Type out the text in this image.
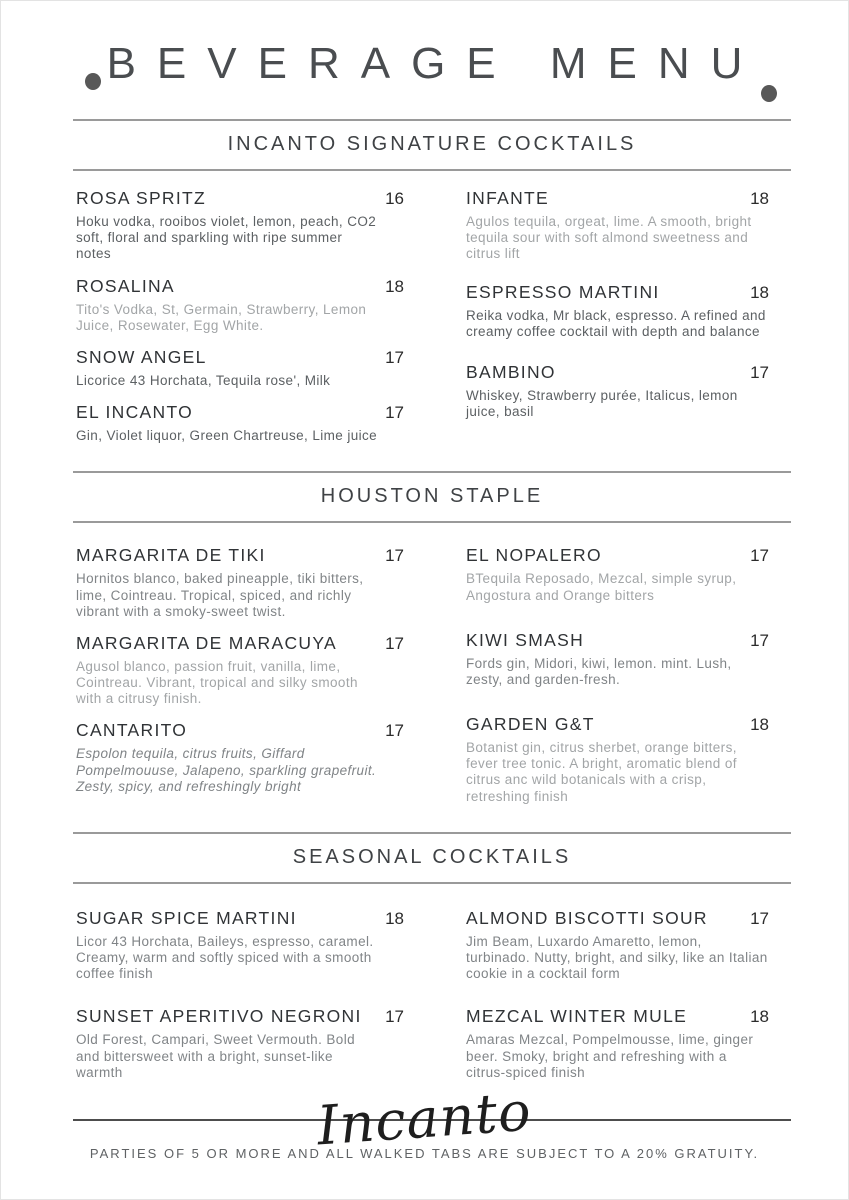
BEVERAGE MENU
INCANTO SIGNATURE COCKTAILS
ROSA SPRITZ	16
Hoku vodka, rooibos violet, lemon, peach, CO2 soft, floral and sparkling with ripe summer notes
ROSALINA	18
Tito's Vodka, St, Germain, Strawberry, Lemon Juice, Rosewater, Egg White.
SNOW ANGEL	17
Licorice 43 Horchata, Tequila rose', Milk
EL INCANTO	17
Gin, Violet liquor, Green Chartreuse, Lime juice
INFANTE	18
Agulos tequila, orgeat, lime. A smooth, bright tequila sour with soft almond sweetness and citrus lift
ESPRESSO MARTINI	18
Reika vodka, Mr black, espresso. A refined and creamy coffee cocktail with depth and balance
BAMBINO	17
Whiskey, Strawberry purée, Italicus, lemon juice, basil
HOUSTON STAPLE
MARGARITA DE TIKI	17
Hornitos blanco, baked pineapple, tiki bitters, lime, Cointreau. Tropical, spiced, and richly vibrant with a smoky-sweet twist.
MARGARITA DE MARACUYA	17
Agusol blanco, passion fruit, vanilla, lime, Cointreau. Vibrant, tropical and silky smooth with a citrusy finish.
CANTARITO	17
Espolon tequila, citrus fruits, Giffard Pompelmouuse, Jalapeno, sparkling grapefruit. Zesty, spicy, and refreshingly bright
EL NOPALERO	17
BTequila Reposado, Mezcal, simple syrup, Angostura and Orange bitters
KIWI SMASH	17
Fords gin, Midori, kiwi, lemon. mint. Lush, zesty, and garden-fresh.
GARDEN G&T	18
Botanist gin, citrus sherbet, orange bitters, fever tree tonic. A bright, aromatic blend of citrus anc wild botanicals with a crisp, retreshing finish
SEASONAL COCKTAILS
SUGAR SPICE MARTINI	18
Licor 43 Horchata, Baileys, espresso, caramel. Creamy, warm and softly spiced with a smooth coffee finish
SUNSET APERITIVO NEGRONI 17
Old Forest, Campari, Sweet Vermouth. Bold and bittersweet with a bright, sunset-like warmth
ALMOND BISCOTTI SOUR 17
Jim Beam, Luxardo Amaretto, lemon, turbinado. Nutty, bright, and silky, like an Italian cookie in a cocktail form
MEZCAL WINTER MULE	18
Amaras Mezcal, Pompelmousse, lime, ginger beer. Smoky, bright and refreshing with a citrus-spiced finish
Incanto
PARTIES OF 5 OR MORE AND ALL WALKED TABS ARE SUBJECT TO A 20% GRATUITY.
